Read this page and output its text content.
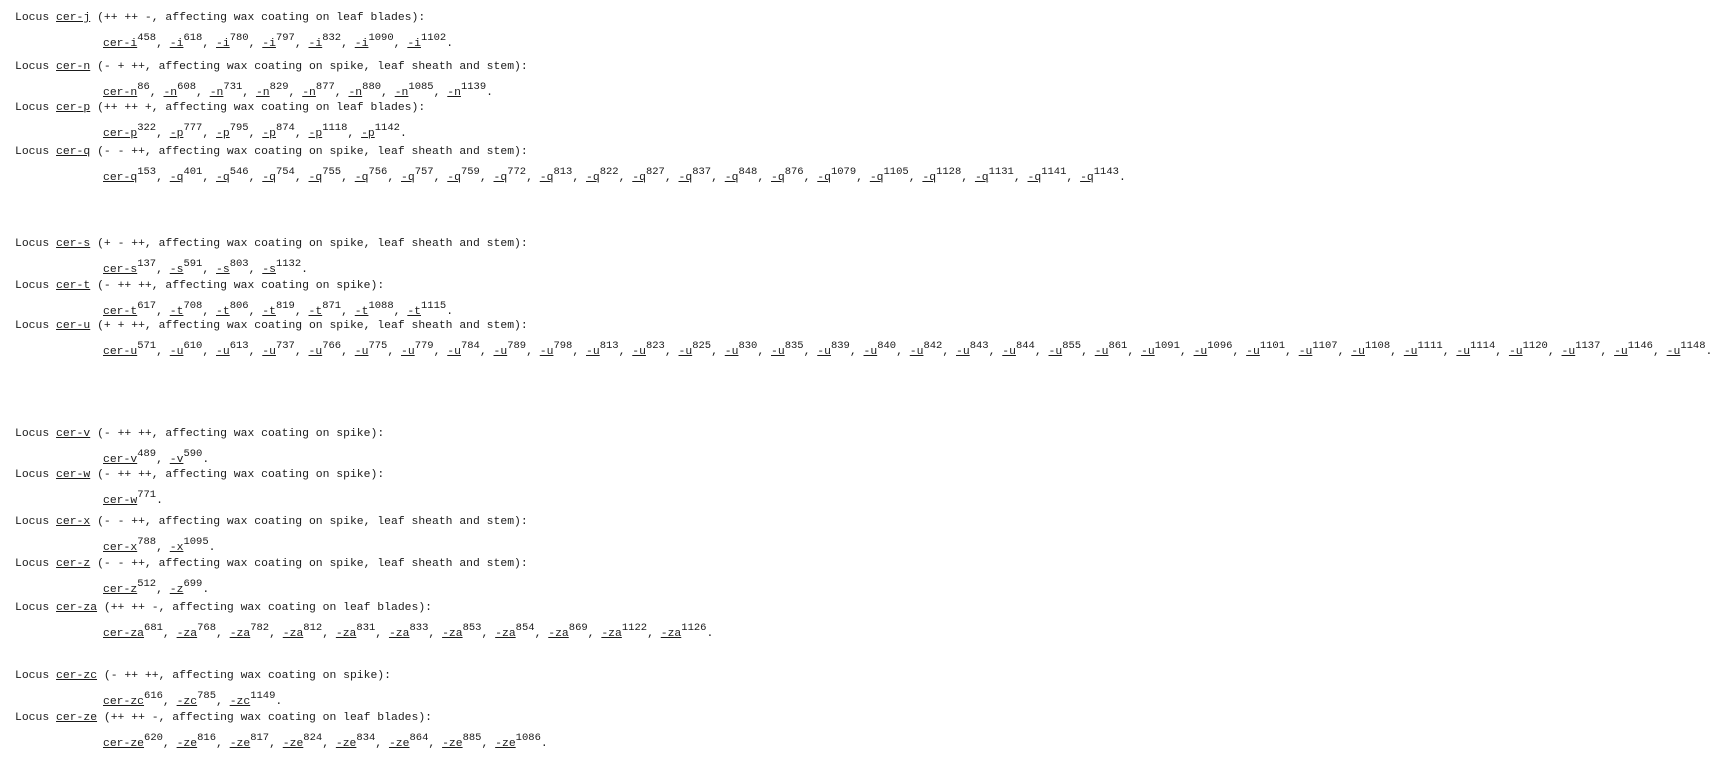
Locus cer-j (++ ++ -, affecting wax coating on leaf blades):
cer-$i^{458}$, $-i^{618}$, $-i^{780}$, $-i^{797}$, $-i^{832}$, $-i^{1090}$, $-i^{1102}$.
Locus cer-n (- + ++, affecting wax coating on spike, leaf sheath and stem):
cer-$n^{86}$, $-n^{608}$, $-n^{731}$, $-n^{829}$, $-n^{877}$, $-n^{880}$, $-n^{1085}$, $-n^{1139}$.
Locus cer-p (++ ++ +, affecting wax coating on leaf blades):
cer-$p^{322}$, $-p^{777}$, $-p^{795}$, $-p^{874}$, $-p^{1118}$, $-p^{1142}$.
Locus cer-q (- - ++, affecting wax coating on spike, leaf sheath and stem):
cer-$q^{153}$, $-q^{401}$, $-q^{546}$, $-q^{754}$, $-q^{755}$, $-q^{756}$, $-q^{757}$, $-q^{759}$, $-q^{772}$, $-q^{813}$, $-q^{822}$, $-q^{827}$, $-q^{837}$, $-q^{848}$, $-q^{876}$, $-q^{1079}$, $-q^{1105}$, $-q^{1128}$, $-q^{1131}$, $-q^{1141}$, $-q^{1143}$.
Locus cer-s (+ - ++, affecting wax coating on spike, leaf sheath and stem):
cer-$s^{137}$, $-s^{591}$, $-s^{803}$, $-s^{1132}$.
Locus cer-t (- ++ ++, affecting wax coating on spike):
cer-$t^{617}$, $-t^{708}$, $-t^{806}$, $-t^{819}$, $-t^{871}$, $-t^{1088}$, $-t^{1115}$.
Locus cer-u (+ + ++, affecting wax coating on spike, leaf sheath and stem):
cer-$u^{571}$, $-u^{610}$, $-u^{613}$, $-u^{737}$, $-u^{766}$, $-u^{775}$, $-u^{779}$, $-u^{784}$, $-u^{789}$, $-u^{798}$, $-u^{813}$, $-u^{823}$, $-u^{825}$, $-u^{830}$, $-u^{835}$, $-u^{839}$, $-u^{840}$, $-u^{842}$, $-u^{843}$, $-u^{844}$, $-u^{855}$, $-u^{861}$, $-u^{1091}$, $-u^{1096}$, $-u^{1101}$, $-u^{1107}$, $-u^{1108}$, $-u^{1111}$, $-u^{1114}$, $-u^{1120}$, $-u^{1137}$, $-u^{1146}$, $-u^{1148}$.
Locus cer-v (- ++ ++, affecting wax coating on spike):
cer-$v^{489}$, $-v^{590}$.
Locus cer-w (- ++ ++, affecting wax coating on spike):
cer-$w^{771}$.
Locus cer-x (- - ++, affecting wax coating on spike, leaf sheath and stem):
cer-$x^{788}$, $-x^{1095}$.
Locus cer-z (- - ++, affecting wax coating on spike, leaf sheath and stem):
cer-$z^{512}$, $-z^{699}$.
Locus cer-za (++ ++ -, affecting wax coating on leaf blades):
cer-$za^{681}$, $-za^{768}$, $-za^{782}$, $-za^{812}$, $-za^{831}$, $-za^{833}$, $-za^{853}$, $-za^{854}$, $-za^{869}$, $-za^{1122}$, $-za^{1126}$.
Locus cer-zc (- ++ ++, affecting wax coating on spike):
cer-$zc^{616}$, $-zc^{785}$, $-zc^{1149}$.
Locus cer-ze (++ ++ -, affecting wax coating on leaf blades):
cer-$ze^{620}$, $-ze^{816}$, $-ze^{817}$, $-ze^{824}$, $-ze^{834}$, $-ze^{864}$, $-ze^{885}$, $-ze^{1086}$.
